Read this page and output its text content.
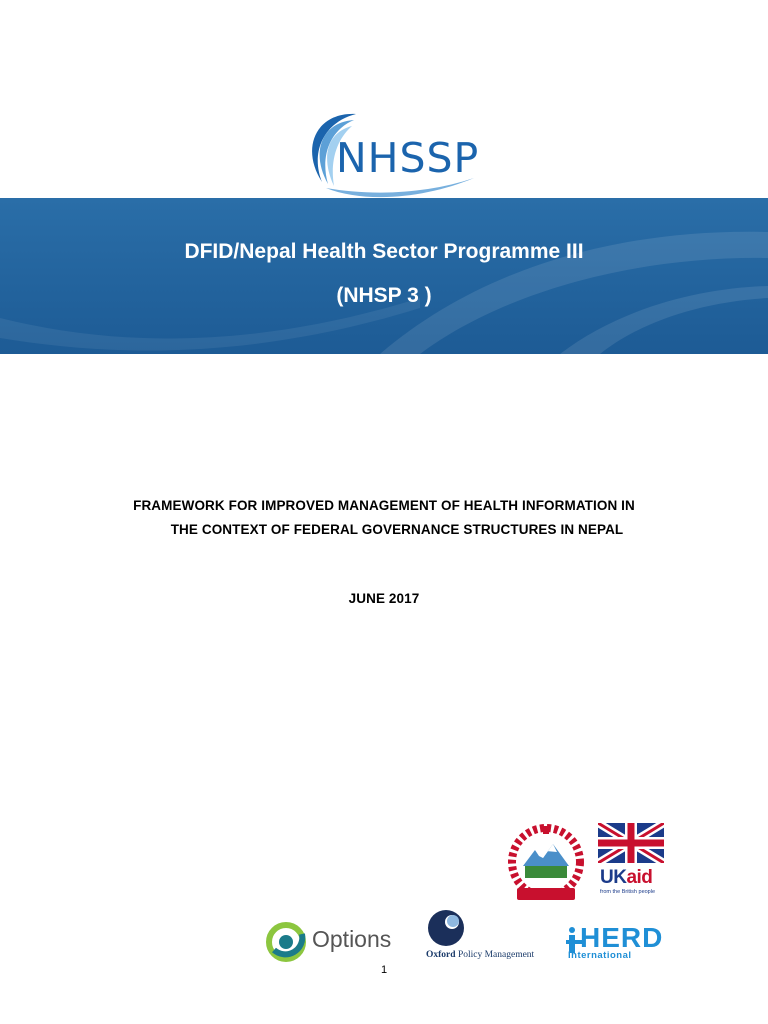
NHSSP
DFID/Nepal Health Sector Programme III
(NHSP 3 )
FRAMEWORK FOR IMPROVED MANAGEMENT OF HEALTH INFORMATION IN
THE CONTEXT OF FEDERAL GOVERNANCE STRUCTURES IN NEPAL
JUNE 2017
UKaid
from the British people
Options
Oxford Policy Management
HERD
International
1
